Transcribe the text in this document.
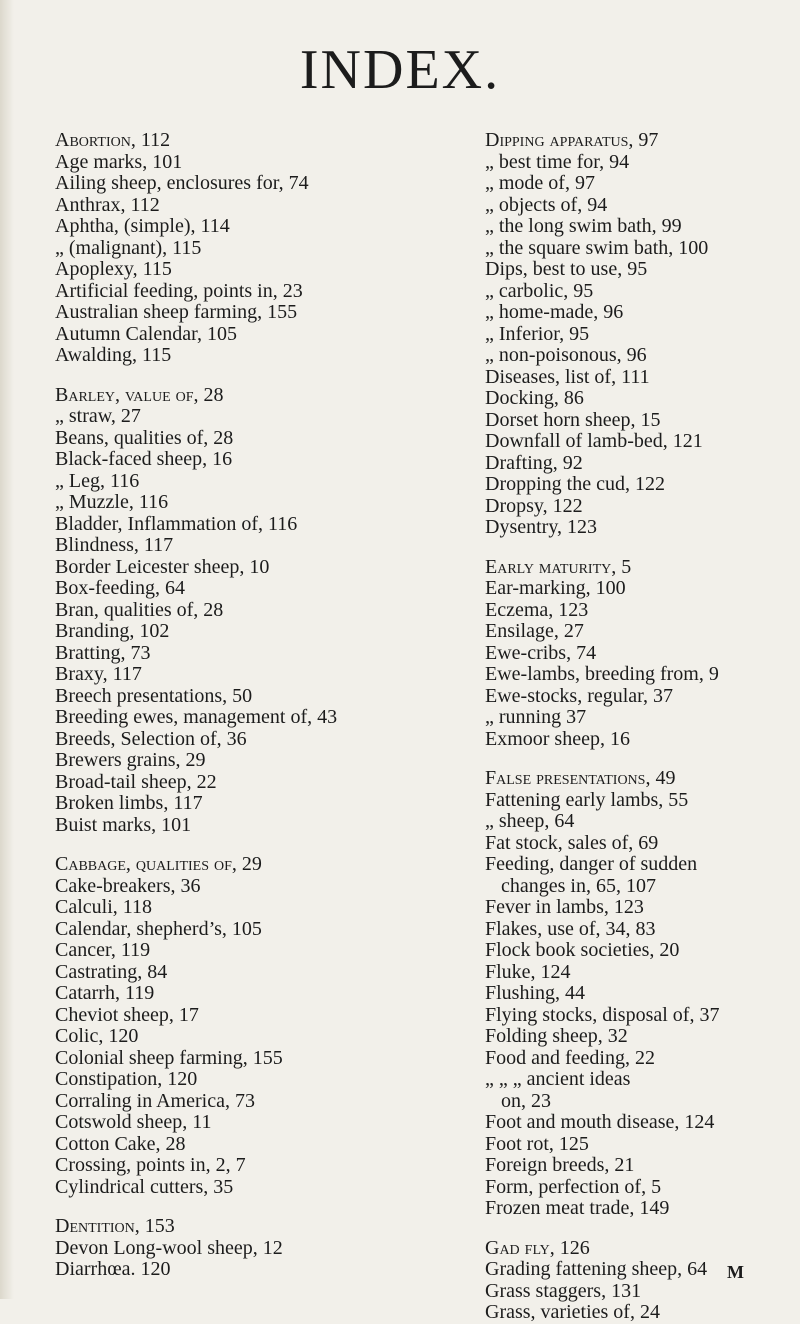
INDEX.
Abortion, 112
Age marks, 101
Ailing sheep, enclosures for, 74
Anthrax, 112
Aphtha, (simple), 114
„ (malignant), 115
Apoplexy, 115
Artificial feeding, points in, 23
Australian sheep farming, 155
Autumn Calendar, 105
Awalding, 115
Barley, value of, 28
„ straw, 27
Beans, qualities of, 28
Black-faced sheep, 16
„ Leg, 116
„ Muzzle, 116
Bladder, Inflammation of, 116
Blindness, 117
Border Leicester sheep, 10
Box-feeding, 64
Bran, qualities of, 28
Branding, 102
Bratting, 73
Braxy, 117
Breech presentations, 50
Breeding ewes, management of, 43
Breeds, Selection of, 36
Brewers grains, 29
Broad-tail sheep, 22
Broken limbs, 117
Buist marks, 101
Cabbage, qualities of, 29
Cake-breakers, 36
Calculi, 118
Calendar, shepherd’s, 105
Cancer, 119
Castrating, 84
Catarrh, 119
Cheviot sheep, 17
Colic, 120
Colonial sheep farming, 155
Constipation, 120
Corraling in America, 73
Cotswold sheep, 11
Cotton Cake, 28
Crossing, points in, 2, 7
Cylindrical cutters, 35
Dentition, 153
Devon Long-wool sheep, 12
Diarrhœa. 120
Dipping apparatus, 97
„ best time for, 94
„ mode of, 97
„ objects of, 94
„ the long swim bath, 99
„ the square swim bath, 100
Dips, best to use, 95
„ carbolic, 95
„ home-made, 96
„ Inferior, 95
„ non-poisonous, 96
Diseases, list of, 111
Docking, 86
Dorset horn sheep, 15
Downfall of lamb-bed, 121
Drafting, 92
Dropping the cud, 122
Dropsy, 122
Dysentry, 123
Early maturity, 5
Ear-marking, 100
Eczema, 123
Ensilage, 27
Ewe-cribs, 74
Ewe-lambs, breeding from, 9
Ewe-stocks, regular, 37
„ running 37
Exmoor sheep, 16
False presentations, 49
Fattening early lambs, 55
„ sheep, 64
Fat stock, sales of, 69
Feeding, danger of sudden
changes in, 65, 107
Fever in lambs, 123
Flakes, use of, 34, 83
Flock book societies, 20
Fluke, 124
Flushing, 44
Flying stocks, disposal of, 37
Folding sheep, 32
Food and feeding, 22
„ „ „ ancient ideas
on, 23
Foot and mouth disease, 124
Foot rot, 125
Foreign breeds, 21
Form, perfection of, 5
Frozen meat trade, 149
Gad fly, 126
Grading fattening sheep, 64
Grass staggers, 131
Grass, varieties of, 24
M
